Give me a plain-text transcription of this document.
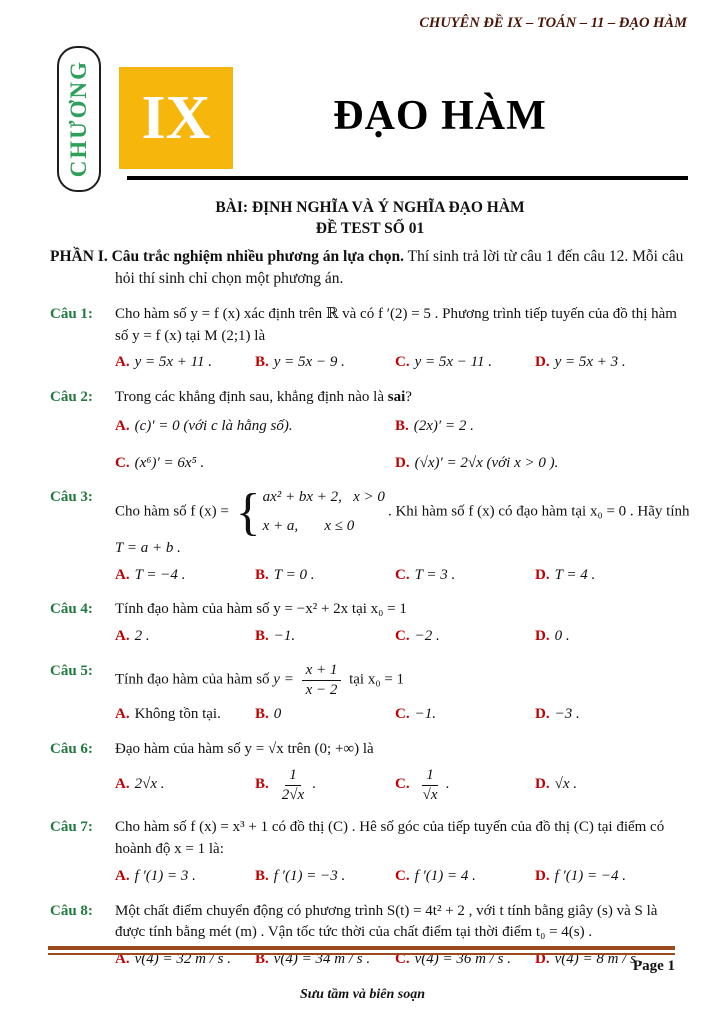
CHUYÊN ĐỀ IX – TOÁN – 11 – ĐẠO HÀM
CHƯƠNG IX	ĐẠO HÀM
BÀI: ĐỊNH NGHĨA VÀ Ý NGHĨA ĐẠO HÀM
ĐỀ TEST SỐ 01
PHẦN I. Câu trắc nghiệm nhiều phương án lựa chọn. Thí sinh trả lời từ câu 1 đến câu 12. Mỗi câu hỏi thí sinh chỉ chọn một phương án.
Câu 1:	Cho hàm số y = f (x) xác định trên ℝ và có f ′(2) = 5 . Phương trình tiếp tuyến của đồ thị hàm số y = f (x) tại M (2;1) là
A. y = 5x + 11 .	B. y = 5x − 9 .	C. y = 5x − 11 .	D. y = 5x + 3 .
Câu 2:	Trong các khẳng định sau, khẳng định nào là sai?
A. (c)′ = 0 (với c là hằng số).	B. (2x)′ = 2 .
C. (x⁶)′ = 6x⁵ .	D. (√x)′ = 2√x (với x > 0 ).
Câu 3:
Cho hàm số f (x) = { ax² + bx + 2,   x > 0
x + a,       x ≤ 0
. Khi hàm số f (x) có đạo hàm tại x₀ = 0 . Hãy tính
T = a + b .
A. T = −4 .	B. T = 0 .	C. T = 3 .	D. T = 4 .
Câu 4:	Tính đạo hàm của hàm số y = −x² + 2x tại x₀ = 1
A. 2 .	B. −1.	C. −2 .	D. 0 .
Câu 5:
Tính đạo hàm của hàm số $y = \frac{x + 1}{x - 2}$ tại x₀ = 1
A. Không tồn tại. B. 0	C. −1.	D. −3 .
Câu 6:	Đạo hàm của hàm số y = √x trên (0; +∞) là
A. 2√x .	B. $\frac{1}{2√x}$ .	C. $\frac{1}{√x}$ .	D. √x .
Câu 7:	Cho hàm số f (x) = x³ + 1 có đồ thị (C) . Hê số góc của tiếp tuyến của đồ thị (C) tại điểm có hoành độ x = 1 là:
A. f ′(1) = 3 .	B. f ′(1) = −3 .	C. f ′(1) = 4 .	D. f ′(1) = −4 .
Câu 8:	Một chất điểm chuyển động có phương trình S(t) = 4t² + 2 , với t tính bằng giây (s) và S là được tính bằng mét (m) . Vận tốc tức thời của chất điểm tại thời điểm t₀ = 4(s) .
A. v(4) = 32 m / s . B. v(4) = 34 m / s . C. v(4) = 36 m / s . D. v(4) = 8 m / s .
Page 1
Sưu tầm và biên soạn
